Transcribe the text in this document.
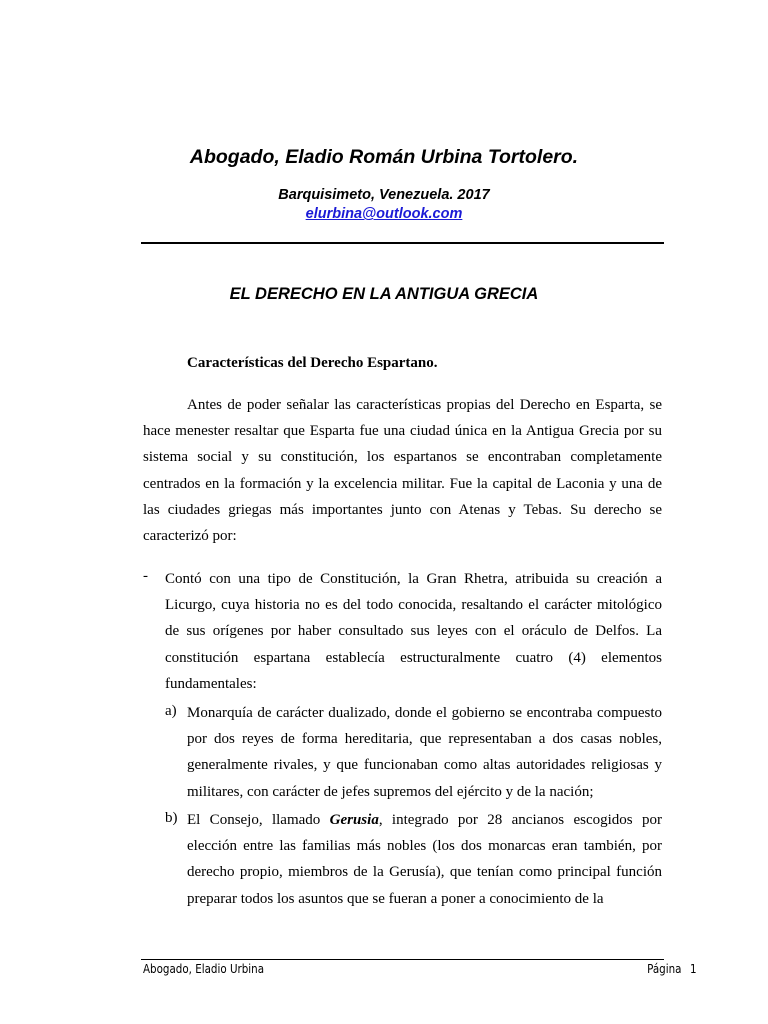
Abogado, Eladio Román Urbina Tortolero.
Barquisimeto, Venezuela. 2017
elurbina@outlook.com
EL DERECHO EN LA ANTIGUA GRECIA
Características del Derecho Espartano.

Antes de poder señalar las características propias del Derecho en Esparta, se hace menester resaltar que Esparta fue una ciudad única en la Antigua Grecia por su sistema social y su constitución, los espartanos se encontraban completamente centrados en la formación y la excelencia militar. Fue la capital de Laconia y una de las ciudades griegas más importantes junto con Atenas y Tebas. Su derecho se caracterizó por:

- Contó con una tipo de Constitución, la Gran Rhetra, atribuida su creación a Licurgo, cuya historia no es del todo conocida, resaltando el carácter mitológico de sus orígenes por haber consultado sus leyes con el oráculo de Delfos. La constitución espartana establecía estructuralmente cuatro (4) elementos fundamentales:

a) Monarquía de carácter dualizado, donde el gobierno se encontraba compuesto por dos reyes de forma hereditaria, que representaban a dos casas nobles, generalmente rivales, y que funcionaban como altas autoridades religiosas y militares, con carácter de jefes supremos del ejército y de la nación;

b) El Consejo, llamado Gerusia, integrado por 28 ancianos escogidos por elección entre las familias más nobles (los dos monarcas eran también, por derecho propio, miembros de la Gerusía), que tenían como principal función preparar todos los asuntos que se fueran a poner a conocimiento de la

Abogado, Eladio Urbina	Página 1
